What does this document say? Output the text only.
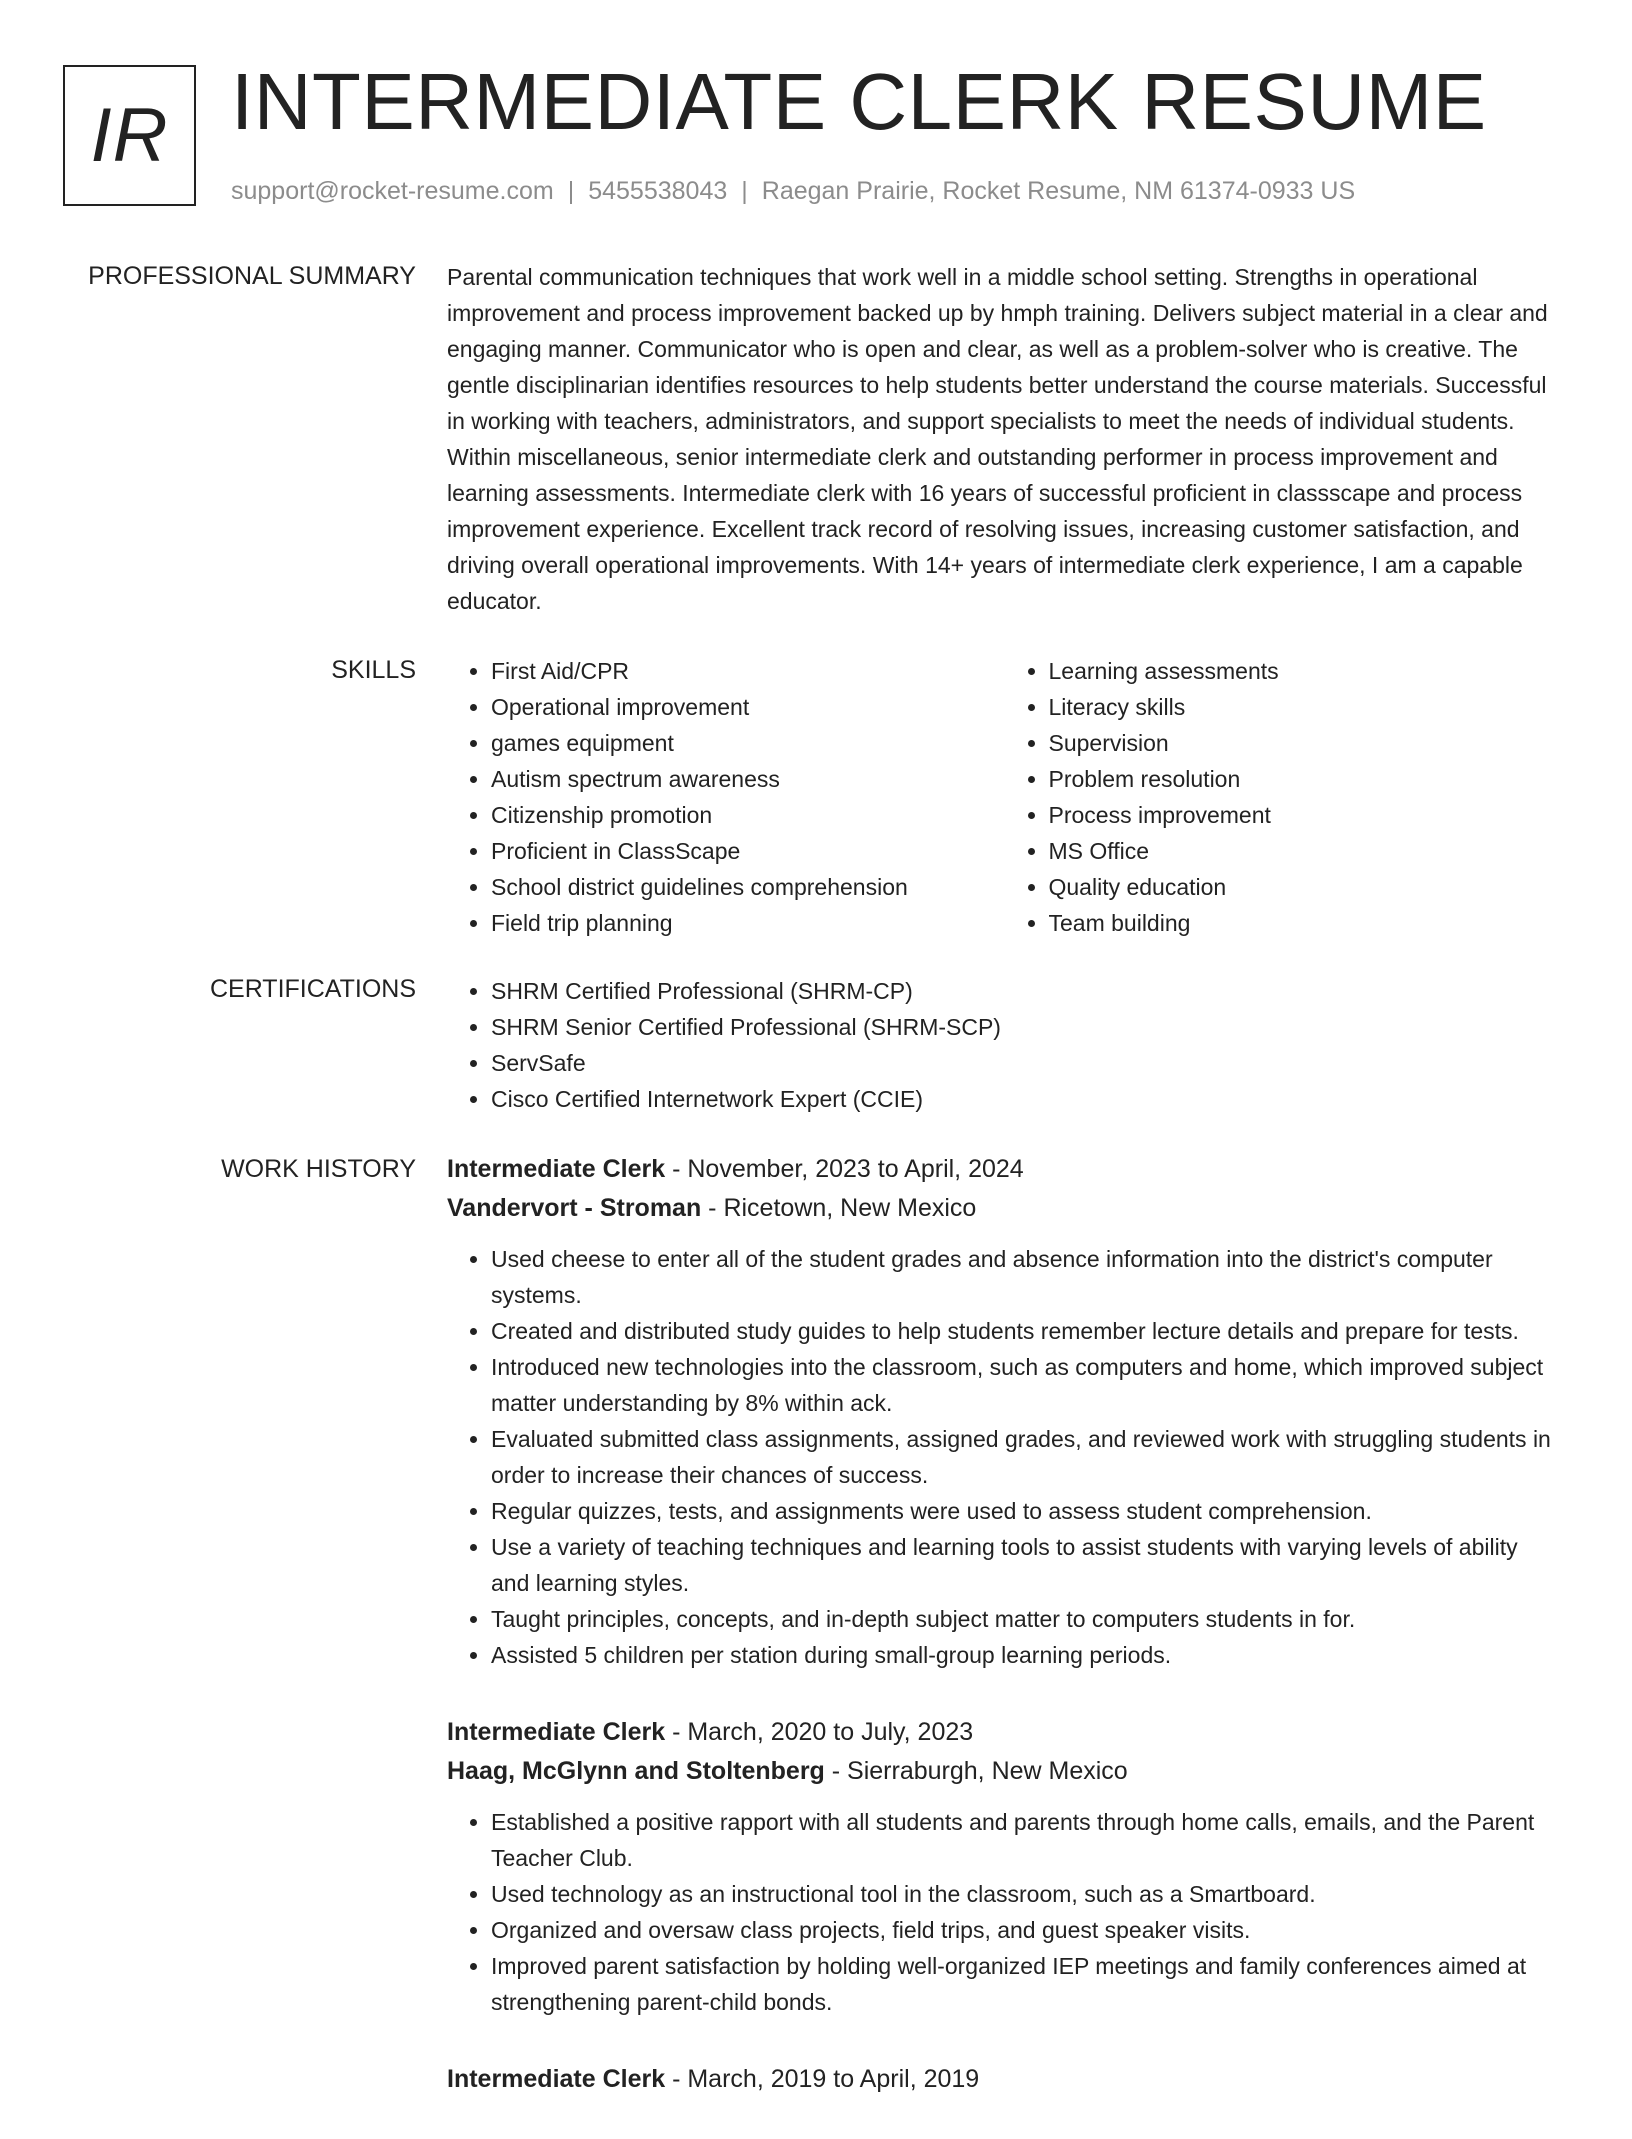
IR INTERMEDIATE CLERK RESUME
support@rocket-resume.com | 5455538043 | Raegan Prairie, Rocket Resume, NM 61374-0933 US
PROFESSIONAL SUMMARY Parental communication techniques that work well in a middle school setting. Strengths in operational improvement and process improvement backed up by hmph training. Delivers subject material in a clear and engaging manner. Communicator who is open and clear, as well as a problem-solver who is creative. The gentle disciplinarian identifies resources to help students better understand the course materials. Successful in working with teachers, administrators, and support specialists to meet the needs of individual students. Within miscellaneous, senior intermediate clerk and outstanding performer in process improvement and learning assessments. Intermediate clerk with 16 years of successful proficient in classscape and process improvement experience. Excellent track record of resolving issues, increasing customer satisfaction, and driving overall operational improvements. With 14+ years of intermediate clerk experience, I am a capable educator.

SKILLS	• First Aid/CPR
• Operational improvement
• games equipment
• Autism spectrum awareness
• Citizenship promotion
• Proficient in ClassScape
• School district guidelines comprehension
• Field trip planning
• Learning assessments
• Literacy skills
• Supervision
• Problem resolution
• Process improvement
• MS Office
• Quality education
• Team building
CERTIFICATIONS	• SHRM Certified Professional (SHRM-CP)
• SHRM Senior Certified Professional (SHRM-SCP)
• ServSafe
• Cisco Certified Internetwork Expert (CCIE)
WORK HISTORY Intermediate Clerk - November, 2023 to April, 2024
Vandervort - Stroman - Ricetown, New Mexico
• Used cheese to enter all of the student grades and absence information into the district's computer systems.
• Created and distributed study guides to help students remember lecture details and prepare for tests.
• Introduced new technologies into the classroom, such as computers and home, which improved subject matter understanding by 8% within ack.
• Evaluated submitted class assignments, assigned grades, and reviewed work with struggling students in order to increase their chances of success.
• Regular quizzes, tests, and assignments were used to assess student comprehension.
• Use a variety of teaching techniques and learning tools to assist students with varying levels of ability and learning styles.
• Taught principles, concepts, and in-depth subject matter to computers students in for.
• Assisted 5 children per station during small-group learning periods.
Intermediate Clerk - March, 2020 to July, 2023
Haag, McGlynn and Stoltenberg - Sierraburgh, New Mexico
• Established a positive rapport with all students and parents through home calls, emails, and the Parent Teacher Club.
• Used technology as an instructional tool in the classroom, such as a Smartboard.
• Organized and oversaw class projects, field trips, and guest speaker visits.
• Improved parent satisfaction by holding well-organized IEP meetings and family conferences aimed at strengthening parent-child bonds.
Intermediate Clerk - March, 2019 to April, 2019
